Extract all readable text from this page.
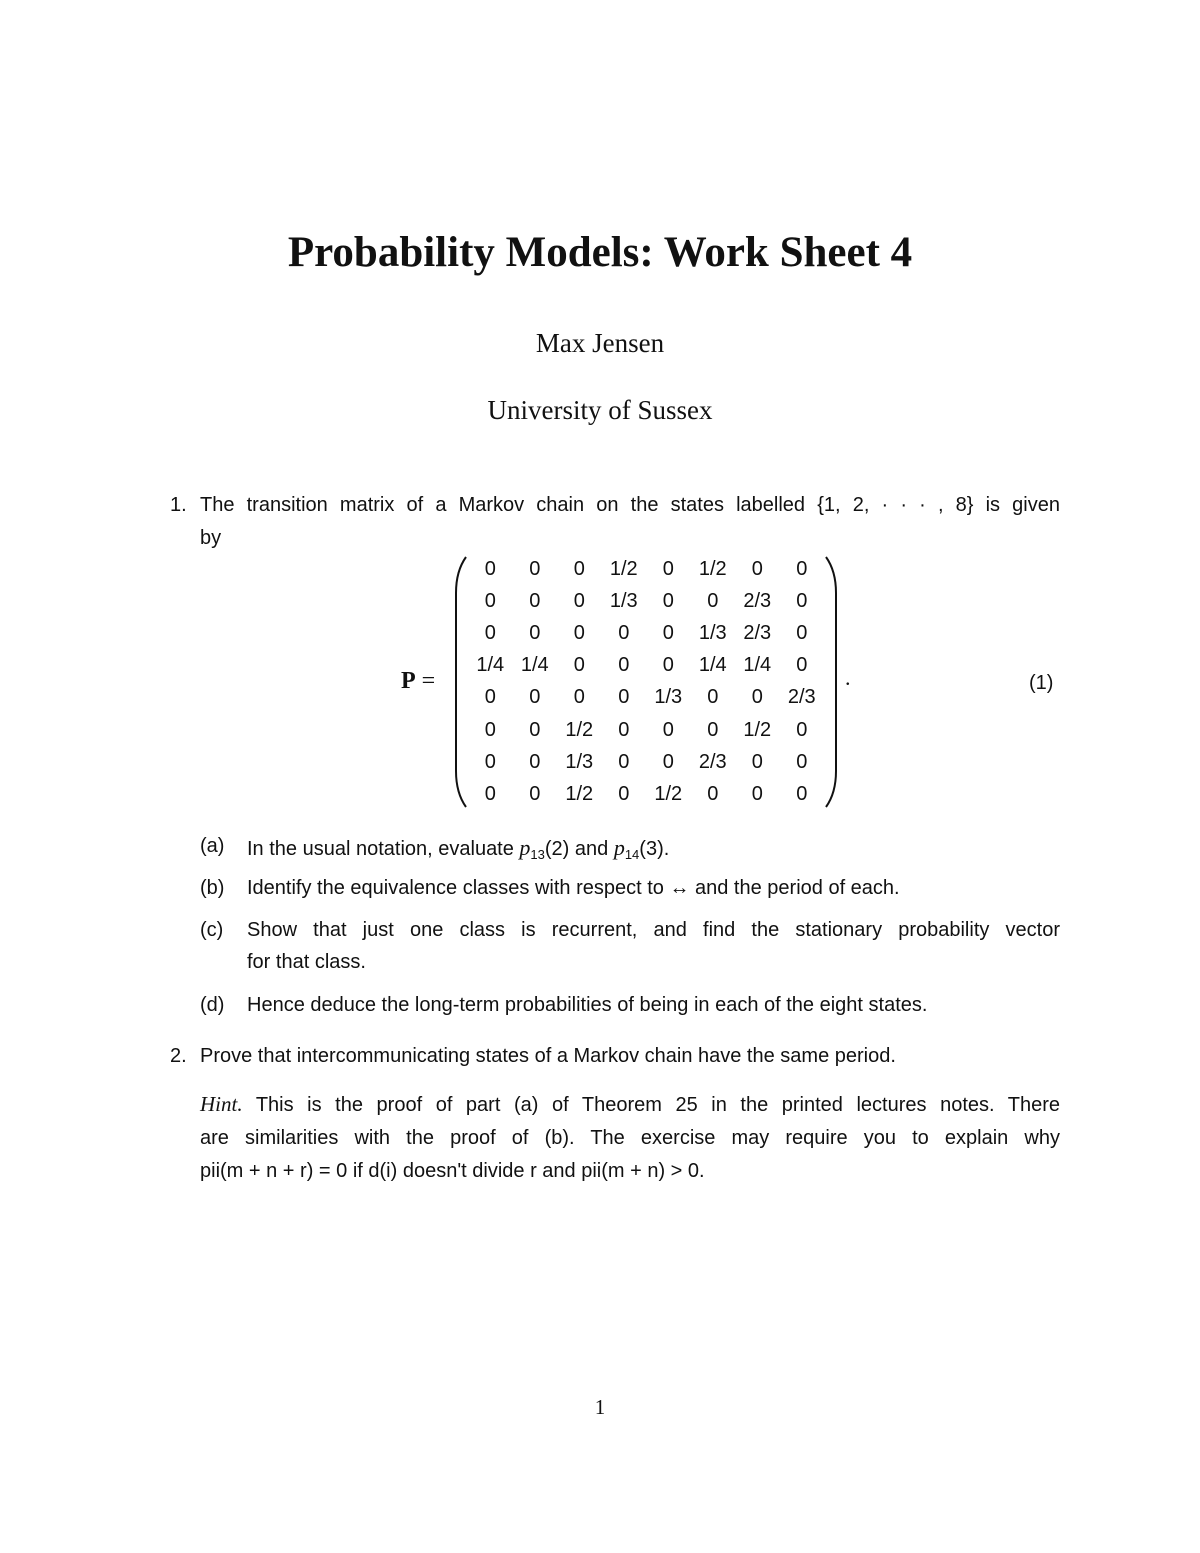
Probability Models: Work Sheet 4
Max Jensen
University of Sussex
1. The transition matrix of a Markov chain on the states labelled {1, 2, · · · , 8} is given
by
P =
0	0	0	1/2	0	1/2	0	0
0	0	0	1/3	0	0	2/3	0
0	0	0	0	0	1/3	2/3	0
1/4	1/4	0	0	0	1/4	1/4	0
0	0	0	0	1/3	0	0	2/3
0	0	1/2	0	0	0	1/2	0
0	0	1/3	0	0	2/3	0	0
0	0	1/2	0	1/2	0	0	0
.	(1)
(a) In the usual notation, evaluate $p_{13}(2)$ and $p_{14}(3)$.
(b) Identify the equivalence classes with respect to ↔ and the period of each.
(c) Show that just one class is recurrent, and find the stationary probability vector
for that class.
(d) Hence deduce the long-term probabilities of being in each of the eight states.
2. Prove that intercommunicating states of a Markov chain have the same period.
Hint. This is the proof of part (a) of Theorem 25 in the printed lectures notes. There
are similarities with the proof of (b). The exercise may require you to explain why
pii(m + n + r) = 0 if d(i) doesn't divide r and pii(m + n) > 0.
1
